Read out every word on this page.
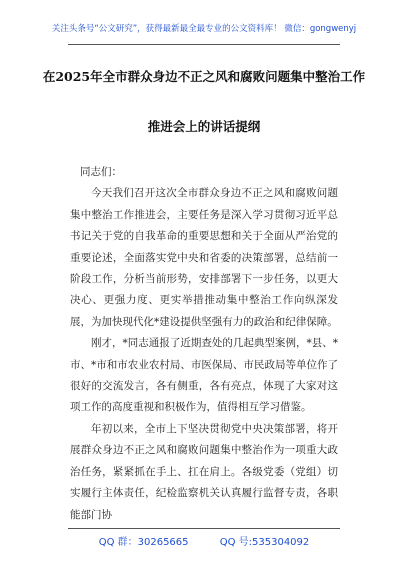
关注头条号“公文研究”，获得最新最全最专业的公文资料库！ 微信：gongwenyj
在2025年全市群众身边不正之风和腐败问题集中整治工作
推进会上的讲话提纲

同志们：

今天我们召开这次全市群众身边不正之风和腐败问题集中整治工作推进会，主要任务是深入学习贯彻习近平总书记关于党的自我革命的重要思想和关于全面从严治党的重要论述，全面落实党中央和省委的决策部署，总结前一阶段工作，分析当前形势，安排部署下一步任务，以更大决心、更强力度、更实举措推动集中整治工作向纵深发展，为加快现代化*建设提供坚强有力的政治和纪律保障。

刚才，*同志通报了近期查处的几起典型案例，*县、*市、*市和市农业农村局、市医保局、市民政局等单位作了很好的交流发言，各有侧重，各有亮点，体现了大家对这项工作的高度重视和积极作为，值得相互学习借鉴。

年初以来，全市上下坚决贯彻党中央决策部署，将开展群众身边不正之风和腐败问题集中整治作为一项重大政治任务，紧紧抓在手上、扛在肩上。各级党委（党组）切实履行主体责任，纪检监察机关认真履行监督专责，各职能部门协

QQ 群：30265665	QQ 号:535304092
